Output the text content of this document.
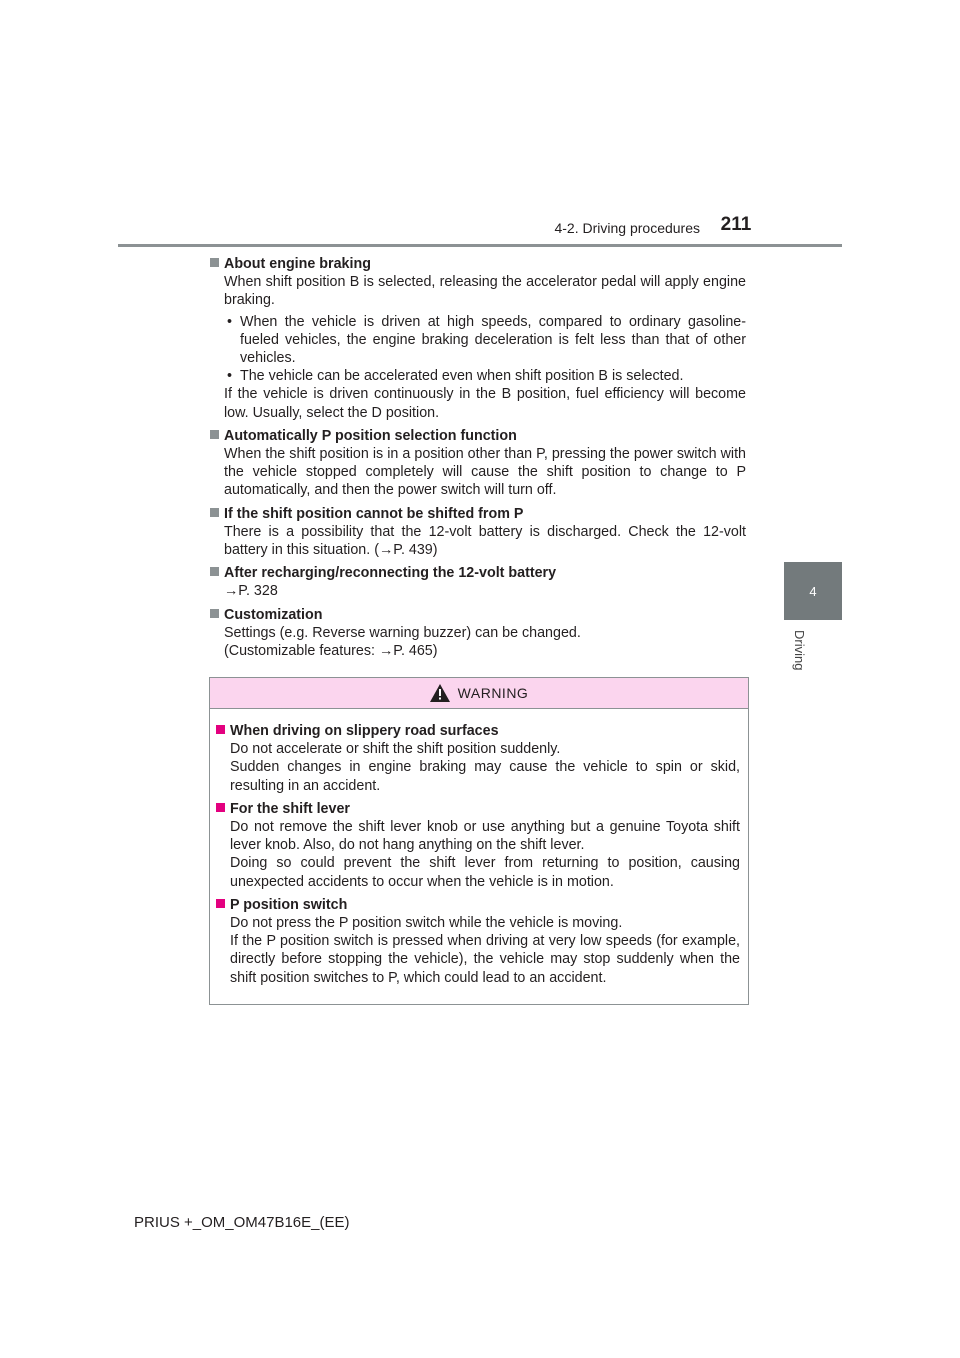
4-2. Driving procedures	211
4
Driving
About engine braking

When shift position B is selected, releasing the accelerator pedal will apply engine braking.

• When the vehicle is driven at high speeds, compared to ordinary gasoline-fueled vehicles, the engine braking deceleration is felt less than that of other vehicles.
• The vehicle can be accelerated even when shift position B is selected.

If the vehicle is driven continuously in the B position, fuel efficiency will become low. Usually, select the D position.

Automatically P position selection function

When the shift position is in a position other than P, pressing the power switch with the vehicle stopped completely will cause the shift position to change to P automatically, and then the power switch will turn off.

If the shift position cannot be shifted from P

There is a possibility that the 12-volt battery is discharged. Check the 12-volt battery in this situation. (→P. 439)

After recharging/reconnecting the 12-volt battery

→P. 328

Customization

Settings (e.g. Reverse warning buzzer) can be changed.

(Customizable features: →P. 465)

WARNING
When driving on slippery road surfaces

Do not accelerate or shift the shift position suddenly.

Sudden changes in engine braking may cause the vehicle to spin or skid, resulting in an accident.

For the shift lever

Do not remove the shift lever knob or use anything but a genuine Toyota shift lever knob. Also, do not hang anything on the shift lever.

Doing so could prevent the shift lever from returning to position, causing unexpected accidents to occur when the vehicle is in motion.

P position switch

Do not press the P position switch while the vehicle is moving.

If the P position switch is pressed when driving at very low speeds (for example, directly before stopping the vehicle), the vehicle may stop suddenly when the shift position switches to P, which could lead to an accident.

PRIUS +_OM_OM47B16E_(EE)
